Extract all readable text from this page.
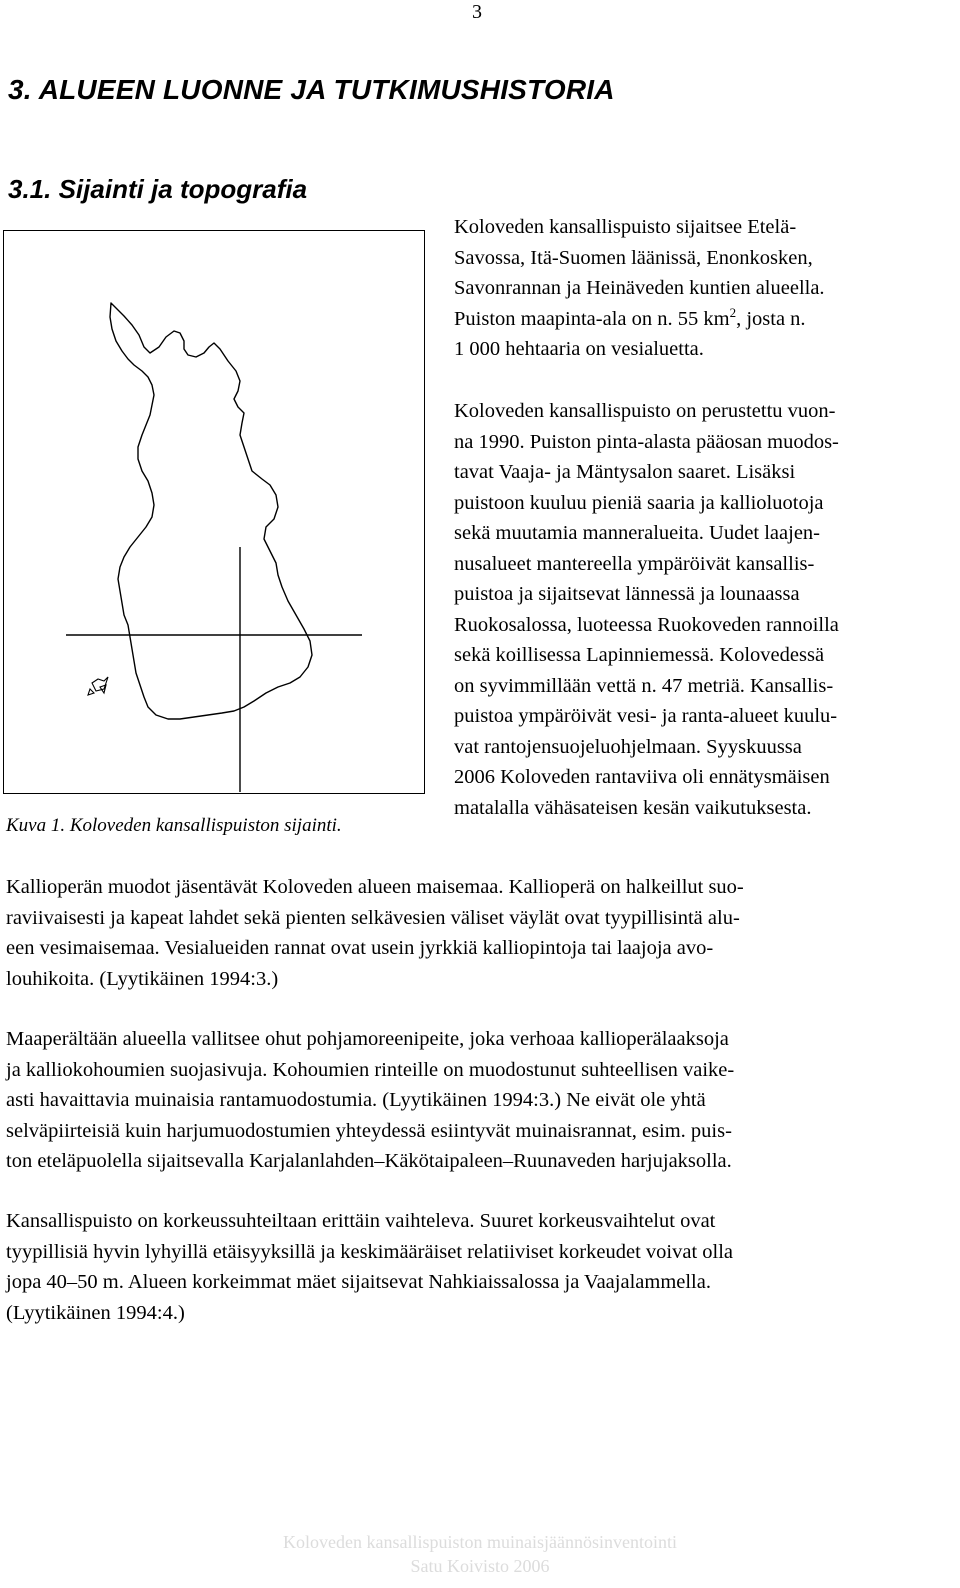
3
3. ALUEEN LUONNE JA TUTKIMUSHISTORIA
3.1. Sijainti ja topografia
Kuva 1. Koloveden kansallispuiston sijainti.
Koloveden kansallispuisto sijaitsee Etelä-
Savossa, Itä-Suomen läänissä, Enonkosken,
Savonrannan ja Heinäveden kuntien alueella.
Puiston maapinta-ala on n. 55 $km^2$, josta n.
1 000 hehtaaria on vesialuetta.
Koloveden kansallispuisto on perustettu vuon-
na 1990. Puiston pinta-alasta pääosan muodos-
tavat Vaaja- ja Mäntysalon saaret. Lisäksi
puistoon kuuluu pieniä saaria ja kallioluotoja
sekä muutamia manneralueita. Uudet laajen-
nusalueet mantereella ympäröivät kansallis-
puistoa ja sijaitsevat lännessä ja lounaassa
Ruokosalossa, luoteessa Ruokoveden rannoilla
sekä koillisessa Lapinniemessä. Kolovedessä
on syvimmillään vettä n. 47 metriä. Kansallis-
puistoa ympäröivät vesi- ja ranta-alueet kuulu-
vat rantojensuojeluohjelmaan. Syyskuussa
2006 Koloveden rantaviiva oli ennätysmäisen
matalalla vähäsateisen kesän vaikutuksesta.
Kallioperän muodot jäsentävät Koloveden alueen maisemaa. Kallioperä on halkeillut suo-
raviivaisesti ja kapeat lahdet sekä pienten selkävesien väliset väylät ovat tyypillisintä alu-
een vesimaisemaa. Vesialueiden rannat ovat usein jyrkkiä kalliopintoja tai laajoja avo-
louhikoita. (Lyytikäinen 1994:3.)
Maaperältään alueella vallitsee ohut pohjamoreenipeite, joka verhoaa kallioperälaaksoja
ja kalliokohoumien suojasivuja. Kohoumien rinteille on muodostunut suhteellisen vaike-
asti havaittavia muinaisia rantamuodostumia. (Lyytikäinen 1994:3.) Ne eivät ole yhtä
selväpiirteisiä kuin harjumuodostumien yhteydessä esiintyvät muinaisrannat, esim. puis-
ton eteläpuolella sijaitsevalla Karjalanlahden–Käkötaipaleen–Ruunaveden harjujaksolla.
Kansallispuisto on korkeussuhteiltaan erittäin vaihteleva. Suuret korkeusvaihtelut ovat
tyypillisiä hyvin lyhyillä etäisyyksillä ja keskimääräiset relatiiviset korkeudet voivat olla
jopa 40–50 m. Alueen korkeimmat mäet sijaitsevat Nahkiaissalossa ja Vaajalammella.
(Lyytikäinen 1994:4.)
Koloveden kansallispuiston muinaisjäännösinventointi
Satu Koivisto 2006
